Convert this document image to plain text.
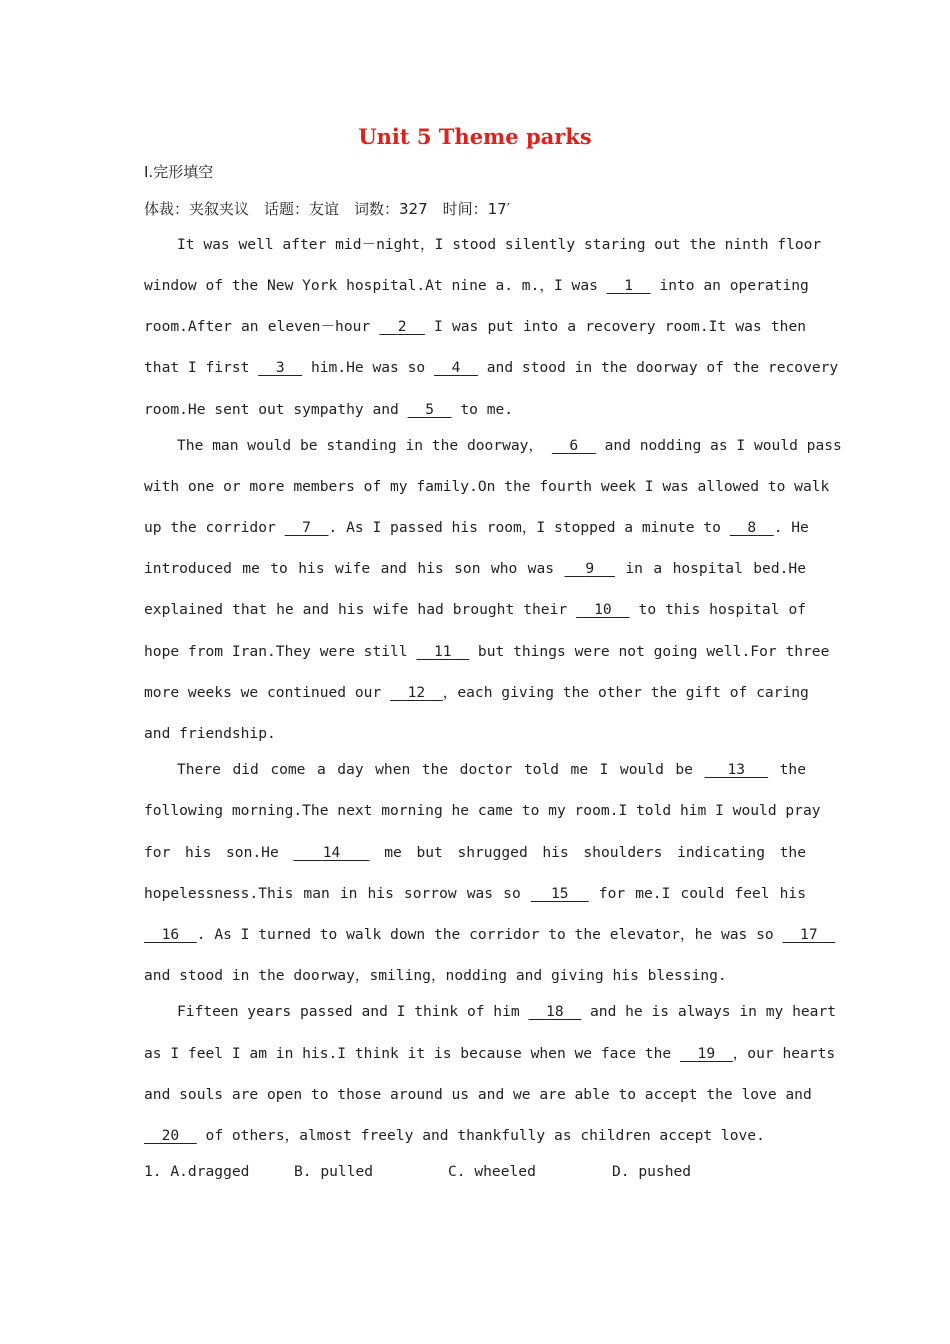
Unit 5 Theme parks
Ⅰ.完形填空
体裁：夹叙夹议　话题：友谊　词数：327　时间：17′
It was well after mid－night，I stood silently staring out the ninth floor
window of the New York hospital.At nine a. m.，I was 1 into an operating
room.After an eleven－hour 2 I was put into a recovery room.It was then
that I first 3 him.He was so 4 and stood in the doorway of the recovery
room.He sent out sympathy and 5 to me.
The man would be standing in the doorway， 6 and nodding as I would pass
with one or more members of my family.On the fourth week I was allowed to walk
up the corridor 7 . As I passed his room，I stopped a minute to 8 . He
introduced me to his wife and his son who was 9 in a hospital bed.He
explained that he and his wife had brought their 10 to this hospital of
hope from Iran.They were still 11 but things were not going well.For three
more weeks we continued our 12 ，each giving the other the gift of caring
and friendship.
There did come a day when the doctor told me I would be 13 the
following morning.The next morning he came to my room.I told him I would pray
for his son.He	14	me but shrugged his shoulders indicating the
hopelessness.This man in his sorrow was so 15 for me.I could feel his
16 . As I turned to walk down the corridor to the elevator，he was so 17
and stood in the doorway，smiling，nodding and giving his blessing.
Fifteen years passed and I think of him 18 and he is always in my heart
as I feel I am in his.I think it is because when we face the 19 ，our hearts
and souls are open to those around us and we are able to accept the love and
20 of others，almost freely and thankfully as children accept love.
1. A.dragged	B. pulled	C. wheeled	D. pushed
